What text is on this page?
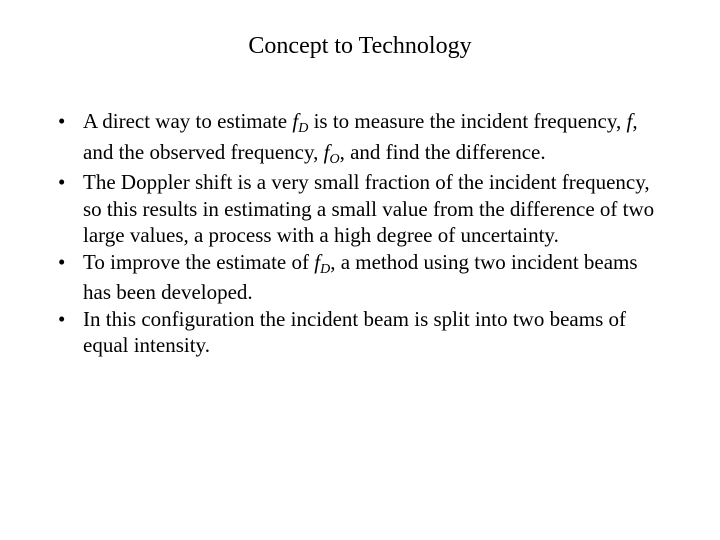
Concept to Technology
• A direct way to estimate fD is to measure the incident frequency, f, and the observed frequency, fO, and find the difference.
• The Doppler shift is a very small fraction of the incident frequency, so this results in estimating a small value from the difference of two large values, a process with a high degree of uncertainty.
• To improve the estimate of fD, a method using two incident beams has been developed.
• In this configuration the incident beam is split into two beams of equal intensity.
